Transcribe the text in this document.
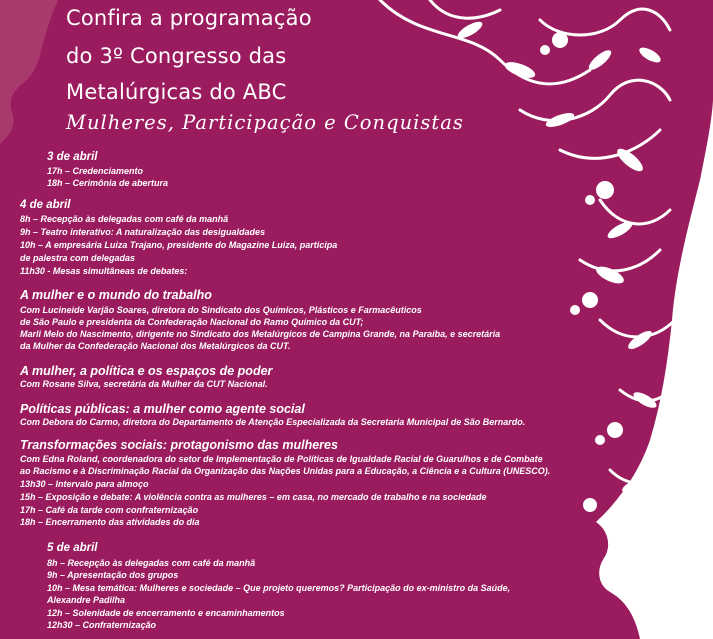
Confira a programação
do 3º Congresso das
Metalúrgicas do ABC
Mulheres, Participação e Conquistas
3 de abril
17h – Credenciamento
18h – Cerimônia de abertura
4 de abril
8h – Recepção às delegadas com café da manhã
9h – Teatro interativo: A naturalização das desigualdades
10h – A empresária Luiza Trajano, presidente do Magazine Luiza, participa
de palestra com delegadas
11h30 - Mesas simultâneas de debates:
A mulher e o mundo do trabalho
Com Lucineide Varjão Soares, diretora do Sindicato dos Químicos, Plásticos e Farmacêuticos
de São Paulo e presidenta da Confederação Nacional do Ramo Químico da CUT;
Marli Melo do Nascimento, dirigente no Sindicato dos Metalúrgicos de Campina Grande, na Paraíba, e secretária
da Mulher da Confederação Nacional dos Metalúrgicos da CUT.
A mulher, a política e os espaços de poder
Com Rosane Silva, secretária da Mulher da CUT Nacional.
Políticas públicas: a mulher como agente social
Com Debora do Carmo, diretora do Departamento de Atenção Especializada da Secretaria Municipal de São Bernardo.
Transformações sociais: protagonismo das mulheres
Com Edna Roland, coordenadora do setor de Implementação de Políticas de Igualdade Racial de Guarulhos e de Combate
ao Racismo e à Discriminação Racial da Organização das Nações Unidas para a Educação, a Ciência e a Cultura (UNESCO).
13h30 – Intervalo para almoço
15h – Exposição e debate: A violência contra as mulheres – em casa, no mercado de trabalho e na sociedade
17h – Café da tarde com confraternização
18h – Encerramento das atividades do dia
5 de abril
8h – Recepção às delegadas com café da manhã
9h – Apresentação dos grupos
10h – Mesa temática: Mulheres e sociedade – Que projeto queremos? Participação do ex-ministro da Saúde,
Alexandre Padilha
12h – Solenidade de encerramento e encaminhamentos
12h30 – Confraternização
